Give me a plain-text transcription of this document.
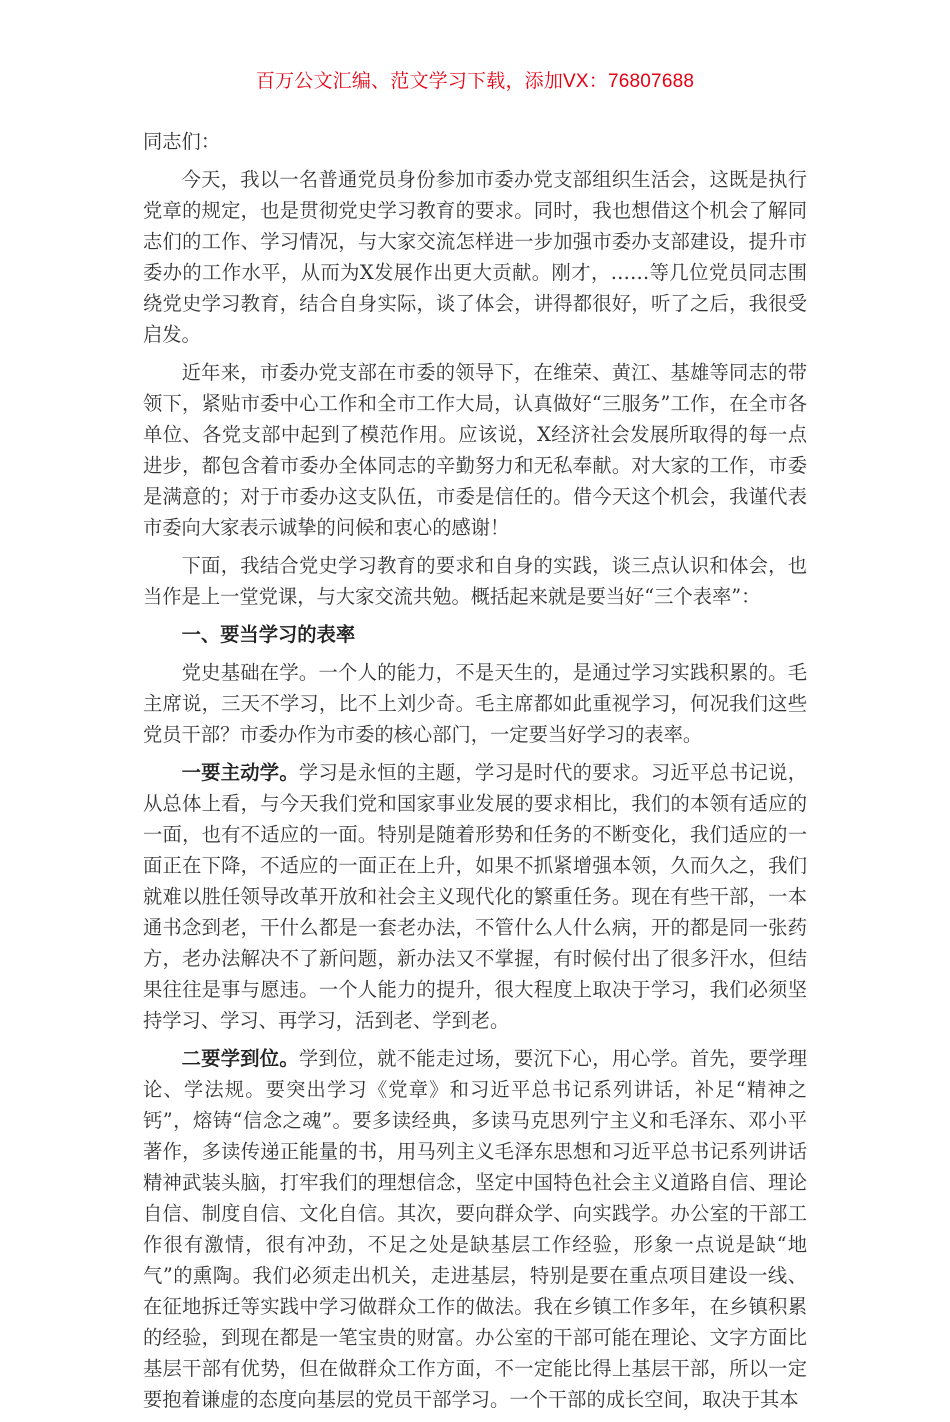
百万公文汇编、范文学习下载，添加VX：76807688

同志们：

今天，我以一名普通党员身份参加市委办党支部组织生活会，这既是执行党章的规定，也是贯彻党史学习教育的要求。同时，我也想借这个机会了解同志们的工作、学习情况，与大家交流怎样进一步加强市委办支部建设，提升市委办的工作水平，从而为X发展作出更大贡献。刚才，……等几位党员同志围绕党史学习教育，结合自身实际，谈了体会，讲得都很好，听了之后，我很受启发。

近年来，市委办党支部在市委的领导下，在维荣、黄江、基雄等同志的带领下，紧贴市委中心工作和全市工作大局，认真做好“三服务”工作，在全市各单位、各党支部中起到了模范作用。应该说，X经济社会发展所取得的每一点进步，都包含着市委办全体同志的辛勤努力和无私奉献。对大家的工作，市委是满意的；对于市委办这支队伍，市委是信任的。借今天这个机会，我谨代表市委向大家表示诚挚的问候和衷心的感谢！

下面，我结合党史学习教育的要求和自身的实践，谈三点认识和体会，也当作是上一堂党课，与大家交流共勉。概括起来就是要当好“三个表率”：

一、要当学习的表率

党史基础在学。一个人的能力，不是天生的，是通过学习实践积累的。毛主席说，三天不学习，比不上刘少奇。毛主席都如此重视学习，何况我们这些党员干部？市委办作为市委的核心部门，一定要当好学习的表率。

一要主动学。学习是永恒的主题，学习是时代的要求。习近平总书记说，从总体上看，与今天我们党和国家事业发展的要求相比，我们的本领有适应的一面，也有不适应的一面。特别是随着形势和任务的不断变化，我们适应的一面正在下降，不适应的一面正在上升，如果不抓紧增强本领，久而久之，我们就难以胜任领导改革开放和社会主义现代化的繁重任务。现在有些干部，一本通书念到老，干什么都是一套老办法，不管什么人什么病，开的都是同一张药方，老办法解决不了新问题，新办法又不掌握，有时候付出了很多汗水，但结果往往是事与愿违。一个人能力的提升，很大程度上取决于学习，我们必须坚持学习、学习、再学习，活到老、学到老。

二要学到位。学到位，就不能走过场，要沉下心，用心学。首先，要学理论、学法规。要突出学习《党章》和习近平总书记系列讲话，补足“精神之钙”，熔铸“信念之魂”。要多读经典，多读马克思列宁主义和毛泽东、邓小平著作，多读传递正能量的书，用马列主义毛泽东思想和习近平总书记系列讲话精神武装头脑，打牢我们的理想信念，坚定中国特色社会主义道路自信、理论自信、制度自信、文化自信。其次，要向群众学、向实践学。办公室的干部工作很有激情，很有冲劲，不足之处是缺基层工作经验，形象一点说是缺“地气”的熏陶。我们必须走出机关，走进基层，特别是要在重点项目建设一线、在征地拆迁等实践中学习做群众工作的做法。我在乡镇工作多年，在乡镇积累的经验，到现在都是一笔宝贵的财富。办公室的干部可能在理论、文字方面比基层干部有优势，但在做群众工作方面，不一定能比得上基层干部，所以一定要抱着谦虚的态度向基层的党员干部学习。一个干部的成长空间，取决于其本
